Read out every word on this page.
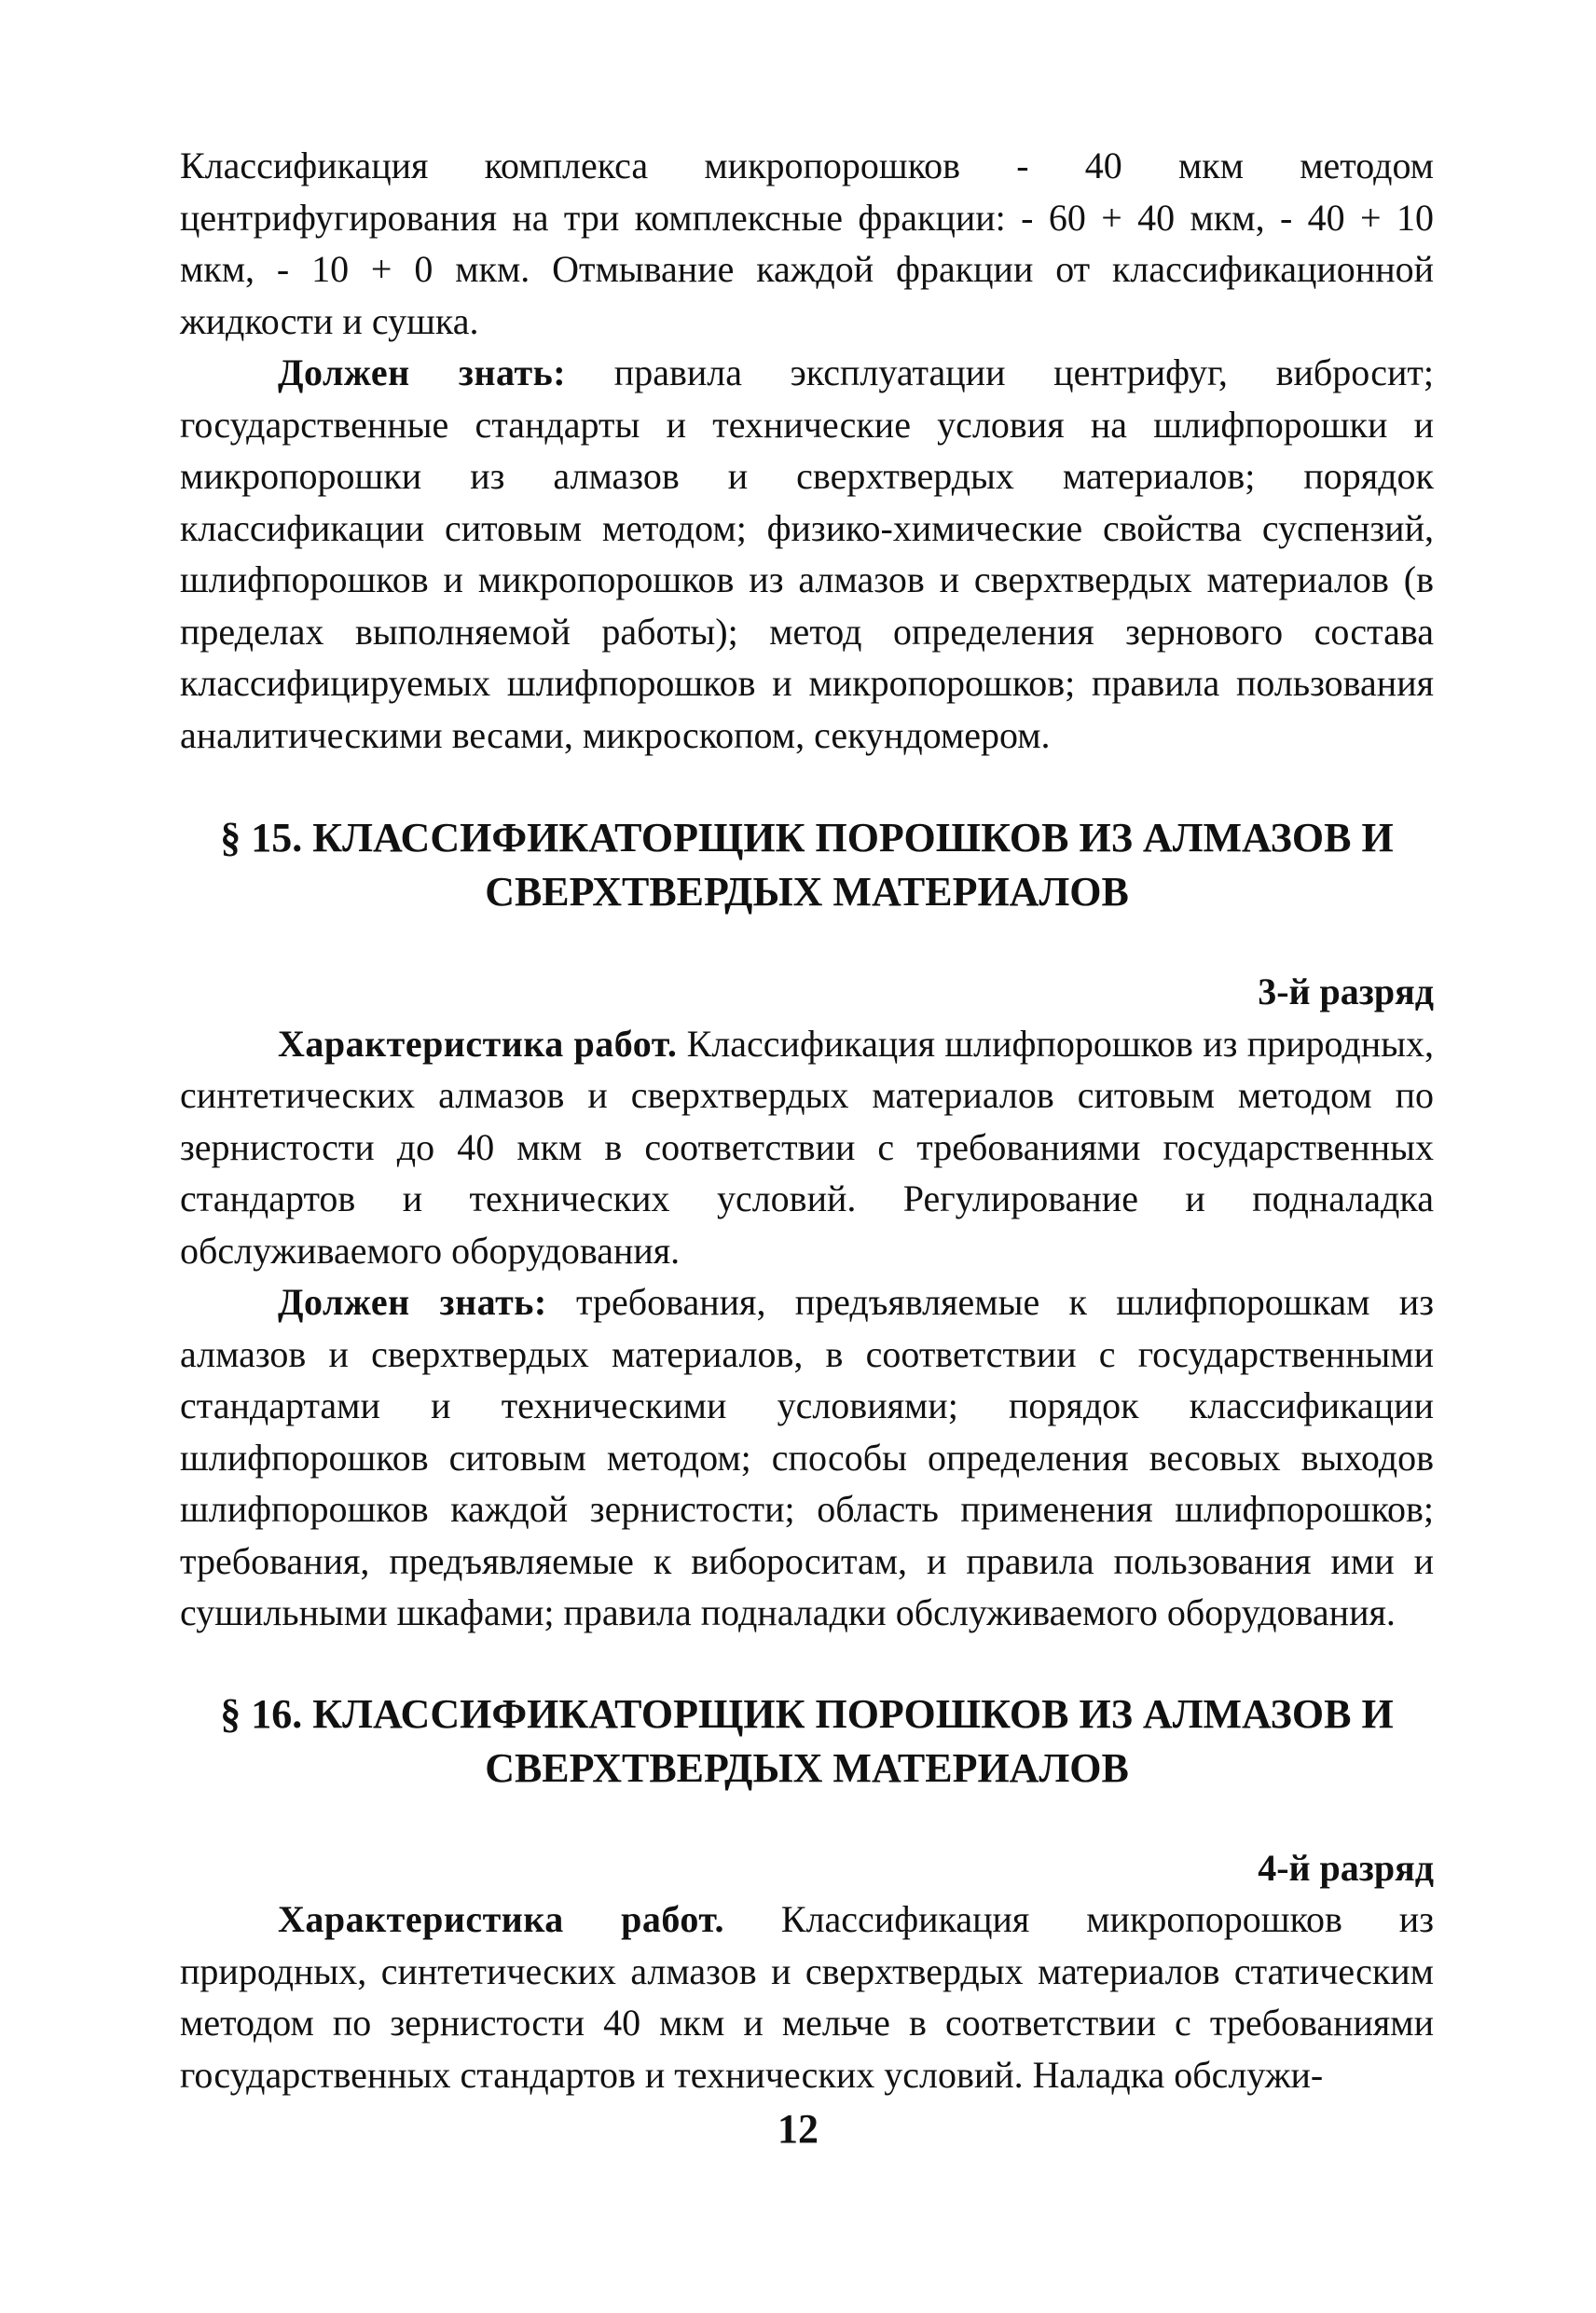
Классификация комплекса микропорошков - 40 мкм методом центрифугирования на три комплексные фракции: - 60 + 40 мкм, - 40 + 10 мкм, - 10 + 0 мкм. Отмывание каждой фракции от классификационной жидкости и сушка.

Должен знать: правила эксплуатации центрифуг, вибросит; государственные стандарты и технические условия на шлифпорошки и микропорошки из алмазов и сверхтвердых материалов; порядок классификации ситовым методом; физико-химические свойства суспензий, шлифпорошков и микропорошков из алмазов и сверхтвердых материалов (в пределах выполняемой работы); метод определения зернового состава классифицируемых шлифпорошков и микропорошков; правила пользования аналитическими весами, микроскопом, секундомером.

§ 15. КЛАССИФИКАТОРЩИК ПОРОШКОВ ИЗ АЛМАЗОВ И

СВЕРХТВЕРДЫХ МАТЕРИАЛОВ

3-й разряд

Характеристика работ. Классификация шлифпорошков из природных, синтетических алмазов и сверхтвердых материалов ситовым методом по зернистости до 40 мкм в соответствии с требованиями государственных стандартов и технических условий. Регулирование и подналадка обслуживаемого оборудования.

Должен знать: требования, предъявляемые к шлифпорошкам из алмазов и сверхтвердых материалов, в соответствии с государственными стандартами и техническими условиями; порядок классификации шлифпорошков ситовым методом; способы определения весовых выходов шлифпорошков каждой зернистости; область применения шлифпорошков; требования, предъявляемые к вибороситам, и правила пользования ими и сушильными шкафами; правила подналадки обслуживаемого оборудования.

§ 16. КЛАССИФИКАТОРЩИК ПОРОШКОВ ИЗ АЛМАЗОВ И

СВЕРХТВЕРДЫХ МАТЕРИАЛОВ

4-й разряд

Характеристика работ. Классификация микропорошков из природных, синтетических алмазов и сверхтвердых материалов статическим методом по зернистости 40 мкм и мельче в соответствии с требованиями государственных стандартов и технических условий. Наладка обслужи-

12
